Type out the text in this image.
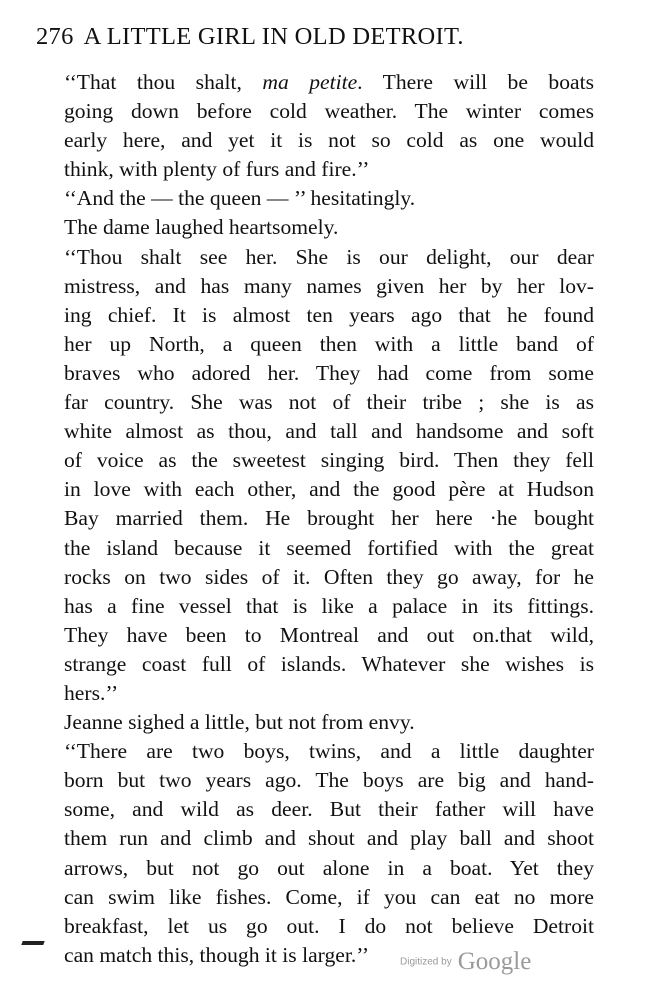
276 A LITTLE GIRL IN OLD DETROIT.
‘‘That thou shalt, ma petite. There will be boats
going down before cold weather. The winter comes
early here, and yet it is not so cold as one would
think, with plenty of furs and fire.’’
‘‘And the — the queen — ’’ hesitatingly.
The dame laughed heartsomely.
‘‘Thou shalt see her. She is our delight, our dear
mistress, and has many names given her by her lov-
ing chief. It is almost ten years ago that he found
her up North, a queen then with a little band of
braves who adored her. They had come from some
far country. She was not of their tribe ; she is as
white almost as thou, and tall and handsome and soft
of voice as the sweetest singing bird. Then they fell
in love with each other, and the good père at Hudson
Bay married them. He brought her here ·he bought
the island because it seemed fortified with the great
rocks on two sides of it. Often they go away, for he
has a fine vessel that is like a palace in its fittings.
They have been to Montreal and out on.that wild,
strange coast full of islands. Whatever she wishes is
hers.’’
Jeanne sighed a little, but not from envy.
‘‘There are two boys, twins, and a little daughter
born but two years ago. The boys are big and hand-
some, and wild as deer. But their father will have
them run and climb and shout and play ball and shoot
arrows, but not go out alone in a boat. Yet they
can swim like fishes. Come, if you can eat no more
breakfast, let us go out. I do not believe Detroit
can match this, though it is larger.’’	Digitized by Google
